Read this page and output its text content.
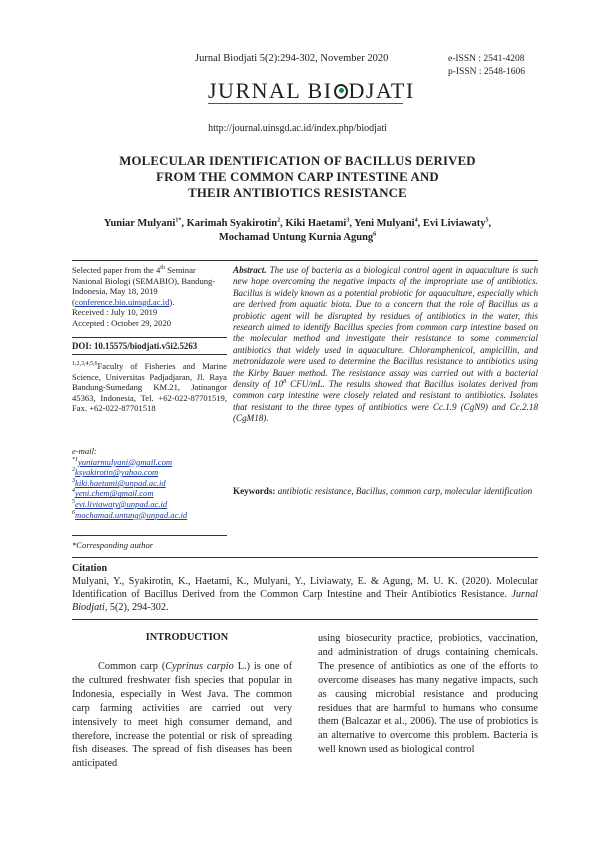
Jurnal Biodjati 5(2):294-302, November 2020	e-ISSN : 2541-4208
p-ISSN : 2548-1606
JURNAL BI DJATI
http://journal.uinsgd.ac.id/index.php/biodjati
MOLECULAR IDENTIFICATION OF BACILLUS DERIVED
FROM THE COMMON CARP INTESTINE AND
THEIR ANTIBIOTICS RESISTANCE
Yuniar Mulyani$^{1*}$, Karimah Syakirotin$^2$, Kiki Haetami$^3$, Yeni Mulyani$^4$, Evi Liviawaty$^5$,
Mochamad Untung Kurnia Agung$^6$
Selected paper from the 4th Seminar Nasional Biologi (SEMABIO), Bandung-Indonesia, May 18, 2019 (conference.bio.uinsgd.ac.id).
Received : July 10, 2019
Accepted : October 29, 2020
DOI: 10.15575/biodjati.v5i2.5263
$^{1,2,3,4,5,6}$Faculty of Fisheries and Marine Science, Universitas Padjadjaran, Jl. Raya Bandung-Sumedang KM.21, Jatinangor 45363, Indonesia, Tel. +62-022-87701519, Fax. +62-022-87701518
e-mail:
$^{*1}$yuniarmulyani@gmail.com
$^2$ksyakirotin@yahoo.com
$^3$kiki.haetami@unpad.ac.id
$^4$yeni.chem@gmail.com
$^5$evi.liviawaty@unpad.ac.id
$^6$mochamad.untung@unpad.ac.id
*Corresponding author
Abstract. The use of bacteria as a biological control agent in aquaculture is such new hope overcoming the negative impacts of the impropriate use of antibiotics. Bacillus is widely known as a potential probiotic for aquaculture, especially which are derived from aquatic biota. Due to a concern that the role of Bacillus as a probiotic agent will be disrupted by residues of antibiotics in the water, this research aimed to identify Bacillus species from common carp intestine based on the molecular method and investigate their resistance to some commercial antibiotics that widely used in aquaculture. Chloramphenicol, ampicillin, and metronidazole were used to determine the Bacillus resistance to antibiotics using the Kirby Bauer method. The resistance assay was carried out with a bacterial density of $10^8$ CFU/mL. The results showed that Bacillus isolates derived from common carp intestine were closely related and resistant to antibiotics. Isolates that resistant to the three types of antibiotics were Cc.1.9 (CgN9) and Cc.2.18 (CgM18).
Keywords: antibiotic resistance, Bacillus, common carp, molecular identification
Citation
Mulyani, Y., Syakirotin, K., Haetami, K., Mulyani, Y., Liviawaty, E. & Agung, M. U. K. (2020). Molecular Identification of Bacillus Derived from the Common Carp Intestine and Their Antibiotics Resistance. Jurnal Biodjati, 5(2), 294-302.
INTRODUCTION
Common carp (Cyprinus carpio L.) is one of the cultured freshwater fish species that popular in Indonesia, especially in West Java. The common carp farming activities are carried out very intensively to meet high consumer demand, and therefore, increase the potential or risk of spreading fish diseases. The spread of fish diseases has been anticipated
using biosecurity practice, probiotics, vaccination, and administration of drugs containing chemicals. The presence of antibiotics as one of the efforts to overcome diseases has many negative impacts, such as causing microbial resistance and producing residues that are harmful to humans who consume them (Balcazar et al., 2006). The use of probiotics is an alternative to overcome this problem. Bacteria is well known used as biological control
